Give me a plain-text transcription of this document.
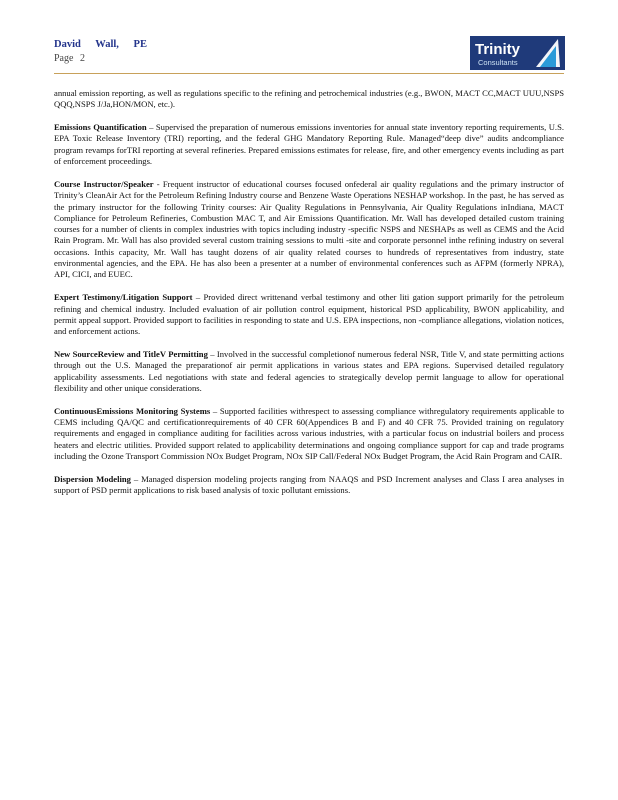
David Wall, PE
Page 2
Trinity
Consultants

annual emission reporting, as well as regulations specific to the refining and petrochemical industries (e.g., BWON, MACT CC,MACT UUU,NSPS QQQ,NSPS J/Ja,HON/MON, etc.).

Emissions Quantification – Supervised the preparation of numerous emissions inventories for annual state inventory reporting requirements, U.S. EPA Toxic Release Inventory (TRI) reporting, and the federal GHG Mandatory Reporting Rule. Managed“deep dive” audits andcompliance program revamps forTRI reporting at several refineries. Prepared emissions estimates for release, fire, and other emergency events including as part of enforcement proceedings.

Course Instructor/Speaker - Frequent instructor of educational courses focused onfederal air quality regulations and the primary instructor of Trinity’s CleanAir Act for the Petroleum Refining Industry course and Benzene Waste Operations NESHAP workshop. In the past, he has served as the primary instructor for the following Trinity courses: Air Quality Regulations in Pennsylvania, Air Quality Regulations inIndiana, MACT Compliance for Petroleum Refineries, Combustion MAC T, and Air Emissions Quantification. Mr. Wall has developed detailed custom training courses for a number of clients in complex industries with topics including industry -specific NSPS and NESHAPs as well as CEMS and the Acid Rain Program. Mr. Wall has also provided several custom training sessions to multi -site and corporate personnel inthe refining industry on several occasions. Inthis capacity, Mr. Wall has taught dozens of air quality related courses to hundreds of representatives from industry, state environmental agencies, and the EPA. He has also been a presenter at a number of environmental conferences such as AFPM (formerly NPRA), API, CICI, and EUEC.

Expert Testimony/Litigation Support – Provided direct writtenand verbal testimony and other liti gation support primarily for the petroleum refining and chemical industry. Included evaluation of air pollution control equipment, historical PSD applicability, BWON applicability, and permit appeal support. Provided support to facilities in responding to state and U.S. EPA inspections, non -compliance allegations, violation notices, and enforcement actions.

New SourceReview and TitleV Permitting – Involved in the successful completionof numerous federal NSR, Title V, and state permitting actions through out the U.S. Managed the preparationof air permit applications in various states and EPA regions. Supervised detailed regulatory applicability assessments. Led negotiations with state and federal agencies to strategically develop permit language to allow for operational flexibility and other unique considerations.

ContinuousEmissions Monitoring Systems – Supported facilities withrespect to assessing compliance withregulatory requirements applicable to CEMS including QA/QC and certificationrequirements of 40 CFR 60(Appendices B and F) and 40 CFR 75. Provided training on regulatory requirements and engaged in compliance auditing for facilities across various industries, with a particular focus on industrial boilers and process heaters and electric utilities. Provided support related to applicability determinations and ongoing compliance support for cap and trade programs including the Ozone Transport Commission NOx Budget Program, NOx SIP Call/Federal NOx Budget Program, the Acid Rain Program and CAIR.

Dispersion Modeling – Managed dispersion modeling projects ranging from NAAQS and PSD Increment analyses and Class I area analyses in support of PSD permit applications to risk based analysis of toxic pollutant emissions.
